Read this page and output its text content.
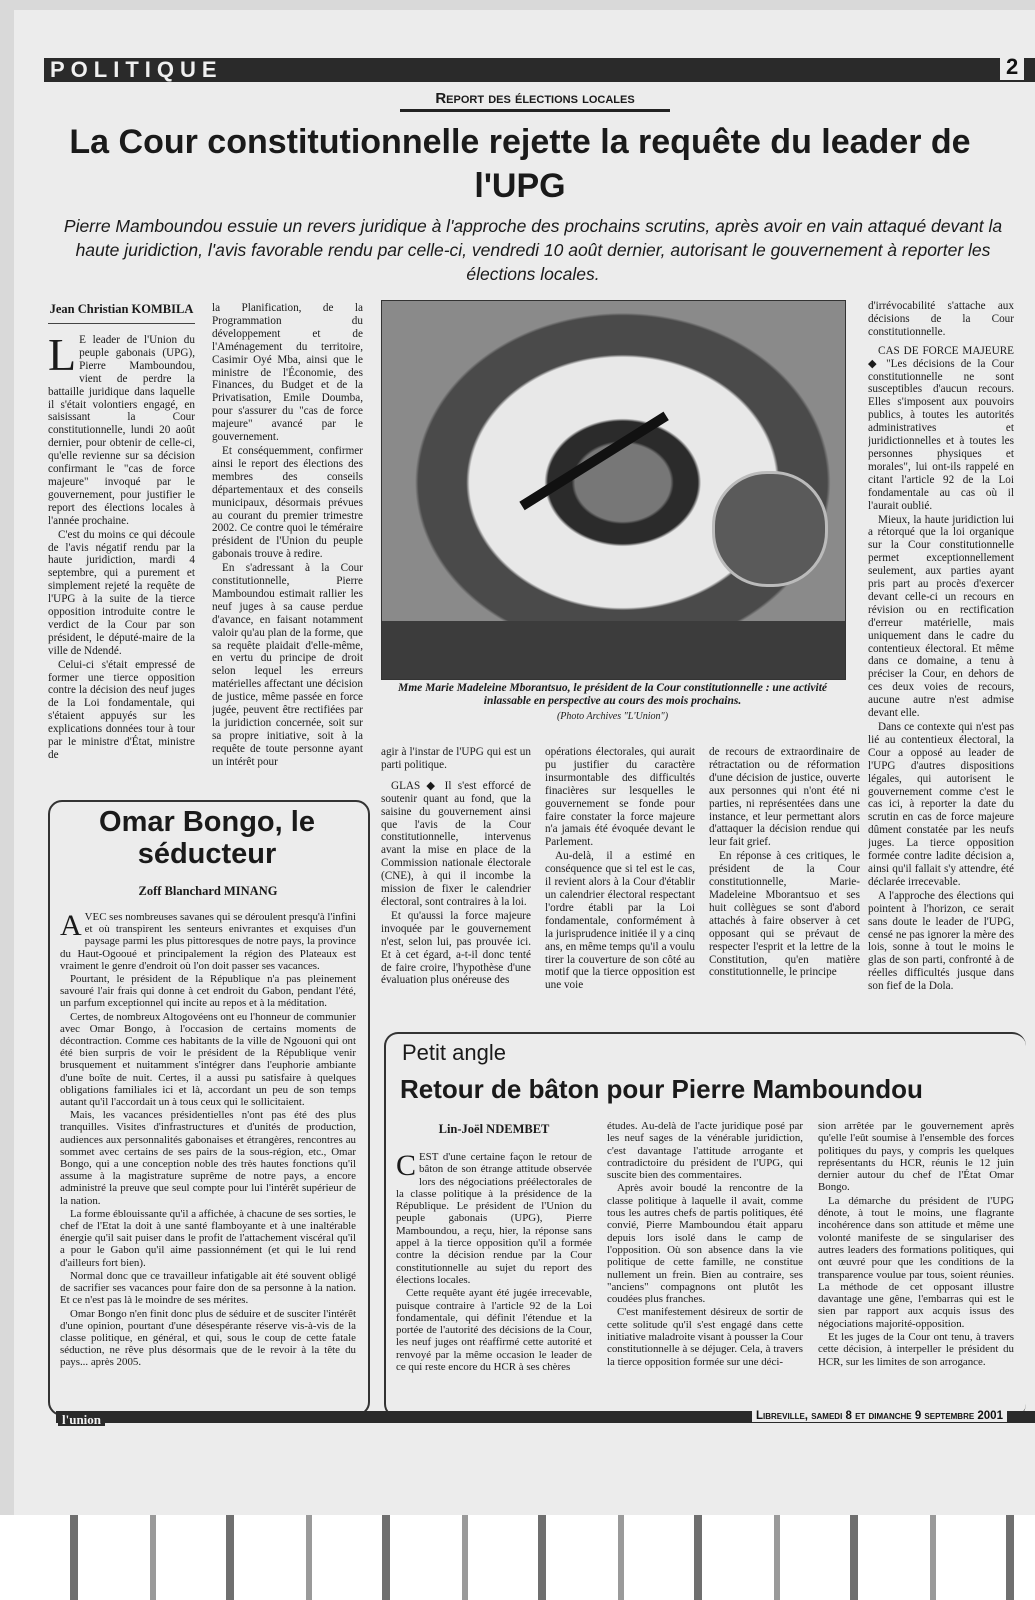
POLITIQUE	2
Report des élections locales
La Cour constitutionnelle rejette la requête du leader de l'UPG
Pierre Mamboundou essuie un revers juridique à l'approche des prochains scrutins, après avoir en vain attaqué devant la haute juridiction, l'avis favorable rendu par celle-ci, vendredi 10 août dernier, autorisant le gouvernement à reporter les élections locales.
Jean Christian KOMBILA
L E leader de l'Union du peuple gabonais (UPG), Pierre Mamboundou, vient de perdre la battaille juridique dans laquelle il s'était volontiers engagé, en saisissant la Cour constitutionnelle, lundi 20 août dernier, pour obtenir de celle-ci, qu'elle revienne sur sa décision confirmant le "cas de force majeure" invoqué par le gouvernement, pour justifier le report des élections locales à l'année prochaine.

C'est du moins ce qui découle de l'avis négatif rendu par la haute juridiction, mardi 4 septembre, qui a purement et simplement rejeté la requête de l'UPG à la suite de la tierce opposition introduite contre le verdict de la Cour par son président, le député-maire de la ville de Ndendé.

Celui-ci s'était empressé de former une tierce opposition contre la décision des neuf juges de la Loi fondamentale, qui s'étaient appuyés sur les explications données tour à tour par le ministre d'État, ministre de

la Planification, de la Programmation du développement et de l'Aménagement du territoire, Casimir Oyé Mba, ainsi que le ministre de l'Économie, des Finances, du Budget et de la Privatisation, Emile Doumba, pour s'assurer du "cas de force majeure" avancé par le gouvernement.

Et conséquemment, confirmer ainsi le report des élections des membres des conseils départementaux et des conseils municipaux, désormais prévues au courant du premier trimestre 2002. Ce contre quoi le téméraire président de l'Union du peuple gabonais trouve à redire.

En s'adressant à la Cour constitutionnelle, Pierre Mamboundou estimait rallier les neuf juges à sa cause perdue d'avance, en faisant notamment valoir qu'au plan de la forme, que sa requête plaidait d'elle-même, en vertu du principe de droit selon lequel les erreurs matérielles affectant une décision de justice, même passée en force jugée, peuvent être rectifiées par la juridiction concernée, soit sur sa propre initiative, soit à la requête de toute personne ayant un intérêt pour

Mme Marie Madeleine Mborantsuo, le président de la Cour constitutionnelle : une activité inlassable en perspective au cours des mois prochains.
(Photo Archives "L'Union")

agir à l'instar de l'UPG qui est un parti politique.

GLAS ◆ Il s'est efforcé de soutenir quant au fond, que la saisine du gouvernement ainsi que l'avis de la Cour constitutionnelle, intervenus avant la mise en place de la Commission nationale électorale (CNE), à qui il incombe la mission de fixer le calendrier électoral, sont contraires à la loi.

Et qu'aussi la force majeure invoquée par le gouvernement n'est, selon lui, pas prouvée ici. Et à cet égard, a-t-il donc tenté de faire croire, l'hypothèse d'une évaluation plus onéreuse des

opérations électorales, qui aurait pu justifier du caractère insurmontable des difficultés finacières sur lesquelles le gouvernement se fonde pour faire constater la force majeure n'a jamais été évoquée devant le Parlement.

Au-delà, il a estimé en conséquence que si tel est le cas, il revient alors à la Cour d'établir un calendrier électoral respectant l'ordre établi par la Loi fondamentale, conformément à la jurisprudence initiée il y a cinq ans, en même temps qu'il a voulu tirer la couverture de son côté au motif que la tierce opposition est une voie

de recours de extraordinaire de rétractation ou de réformation d'une décision de justice, ouverte aux personnes qui n'ont été ni parties, ni représentées dans une instance, et leur permettant alors d'attaquer la décision rendue qui leur fait grief.

En réponse à ces critiques, le président de la Cour constitutionnelle, Marie-Madeleine Mborantsuo et ses huit collègues se sont d'abord attachés à faire observer à cet opposant qui se prévaut de respecter l'esprit et la lettre de la Constitution, qu'en matière constitutionnelle, le principe

d'irrévocabilité s'attache aux décisions de la Cour constitutionnelle.

CAS DE FORCE MAJEURE ◆ "Les décisions de la Cour constitutionnelle ne sont susceptibles d'aucun recours. Elles s'imposent aux pouvoirs publics, à toutes les autorités administratives et juridictionnelles et à toutes les personnes physiques et morales", lui ont-ils rappelé en citant l'article 92 de la Loi fondamentale au cas où il l'aurait oublié.

Mieux, la haute juridiction lui a rétorqué que la loi organique sur la Cour constitutionnelle permet exceptionnellement seulement, aux parties ayant pris part au procès d'exercer devant celle-ci un recours en révision ou en rectification d'erreur matérielle, mais uniquement dans le cadre du contentieux électoral. Et même dans ce domaine, a tenu à préciser la Cour, en dehors de ces deux voies de recours, aucune autre n'est admise devant elle.

Dans ce contexte qui n'est pas lié au contentieux électoral, la Cour a opposé au leader de l'UPG d'autres dispositions légales, qui autorisent le gouvernement comme c'est le cas ici, à reporter la date du scrutin en cas de force majeure dûment constatée par les neufs juges. La tierce opposition formée contre ladite décision a, ainsi qu'il fallait s'y attendre, été déclarée irrecevable.

A l'approche des élections qui pointent à l'horizon, ce serait sans doute le leader de l'UPG, censé ne pas ignorer la mère des lois, sonne à tout le moins le glas de son parti, confronté à de réelles difficultés jusque dans son fief de la Dola.

Omar Bongo, le séducteur
Zoff Blanchard MINANG
A VEC ses nombreuses savanes qui se déroulent presqu'à l'infini et où transpirent les senteurs enivrantes et exquises d'un paysage parmi les plus pittoresques de notre pays, la province du Haut-Ogooué et principalement la région des Plateaux est vraiment le genre d'endroit où l'on doit passer ses vacances.

Pourtant, le président de la République n'a pas pleinement savouré l'air frais qui donne à cet endroit du Gabon, pendant l'été, un parfum exceptionnel qui incite au repos et à la méditation.

Certes, de nombreux Altogovéens ont eu l'honneur de communier avec Omar Bongo, à l'occasion de certains moments de décontraction. Comme ces habitants de la ville de Ngouoni qui ont été bien surpris de voir le président de la République venir brusquement et nuitamment s'intégrer dans l'euphorie ambiante d'une boîte de nuit. Certes, il a aussi pu satisfaire à quelques obligations familiales ici et là, accordant un peu de son temps autant qu'il l'accordait un à tous ceux qui le sollicitaient.

Mais, les vacances présidentielles n'ont pas été des plus tranquilles. Visites d'infrastructures et d'unités de production, audiences aux personnalités gabonaises et étrangères, rencontres au sommet avec certains de ses pairs de la sous-région, etc., Omar Bongo, qui a une conception noble des très hautes fonctions qu'il assume à la magistrature suprême de notre pays, a encore administré la preuve que seul compte pour lui l'intérêt supérieur de la nation.

La forme éblouissante qu'il a affichée, à chacune de ses sorties, le chef de l'Etat la doit à une santé flamboyante et à une inaltérable énergie qu'il sait puiser dans le profit de l'attachement viscéral qu'il a pour le Gabon qu'il aime passionnément (et qui le lui rend d'ailleurs fort bien).

Normal donc que ce travailleur infatigable ait été souvent obligé de sacrifier ses vacances pour faire don de sa personne à la nation. Et ce n'est pas là le moindre de ses mérites.

Omar Bongo n'en finit donc plus de séduire et de susciter l'intérêt d'une opinion, pourtant d'une désespérante réserve vis-à-vis de la classe politique, en général, et qui, sous le coup de cette fatale séduction, ne rêve plus désormais que de le revoir à la tête du pays... après 2005.

Petit angle
Retour de bâton pour Pierre Mamboundou
Lin-Joël NDEMBET
C EST d'une certaine façon le retour de bâton de son étrange attitude observée lors des négociations préélectorales de la classe politique à la présidence de la République. Le président de l'Union du peuple gabonais (UPG), Pierre Mamboundou, a reçu, hier, la réponse sans appel à la tierce opposition qu'il a formée contre la décision rendue par la Cour constitutionnelle au sujet du report des élections locales.

Cette requête ayant été jugée irrecevable, puisque contraire à l'article 92 de la Loi fondamentale, qui définit l'étendue et la portée de l'autorité des décisions de la Cour, les neuf juges ont réaffirmé cette autorité et renvoyé par la même occasion le leader de ce qui reste encore du HCR à ses chères

études. Au-delà de l'acte juridique posé par les neuf sages de la vénérable juridiction, c'est davantage l'attitude arrogante et contradictoire du président de l'UPG, qui suscite bien des commentaires.

Après avoir boudé la rencontre de la classe politique à laquelle il avait, comme tous les autres chefs de partis politiques, été convié, Pierre Mamboundou était apparu depuis lors isolé dans le camp de l'opposition. Où son absence dans la vie politique de cette famille, ne constitue nullement un frein. Bien au contraire, ses "anciens" compagnons ont plutôt les coudées plus franches.

C'est manifestement désireux de sortir de cette solitude qu'il s'est engagé dans cette initiative maladroite visant à pousser la Cour constitutionnelle à se déjuger. Cela, à travers la tierce opposition formée sur une déci-

sion arrêtée par le gouvernement après qu'elle l'eût soumise à l'ensemble des forces politiques du pays, y compris les quelques représentants du HCR, réunis le 12 juin dernier autour du chef de l'État Omar Bongo.

La démarche du président de l'UPG dénote, à tout le moins, une flagrante incohérence dans son attitude et même une volonté manifeste de se singulariser des autres leaders des formations politiques, qui ont œuvré pour que les conditions de la transparence voulue par tous, soient réunies. La méthode de cet opposant illustre davantage une gêne, l'embarras qui est le sien par rapport aux acquis issus des négociations majorité-opposition.

Et les juges de la Cour ont tenu, à travers cette décision, à interpeller le président du HCR, sur les limites de son arrogance.

l'union	Libreville, samedi 8 et dimanche 9 septembre 2001
